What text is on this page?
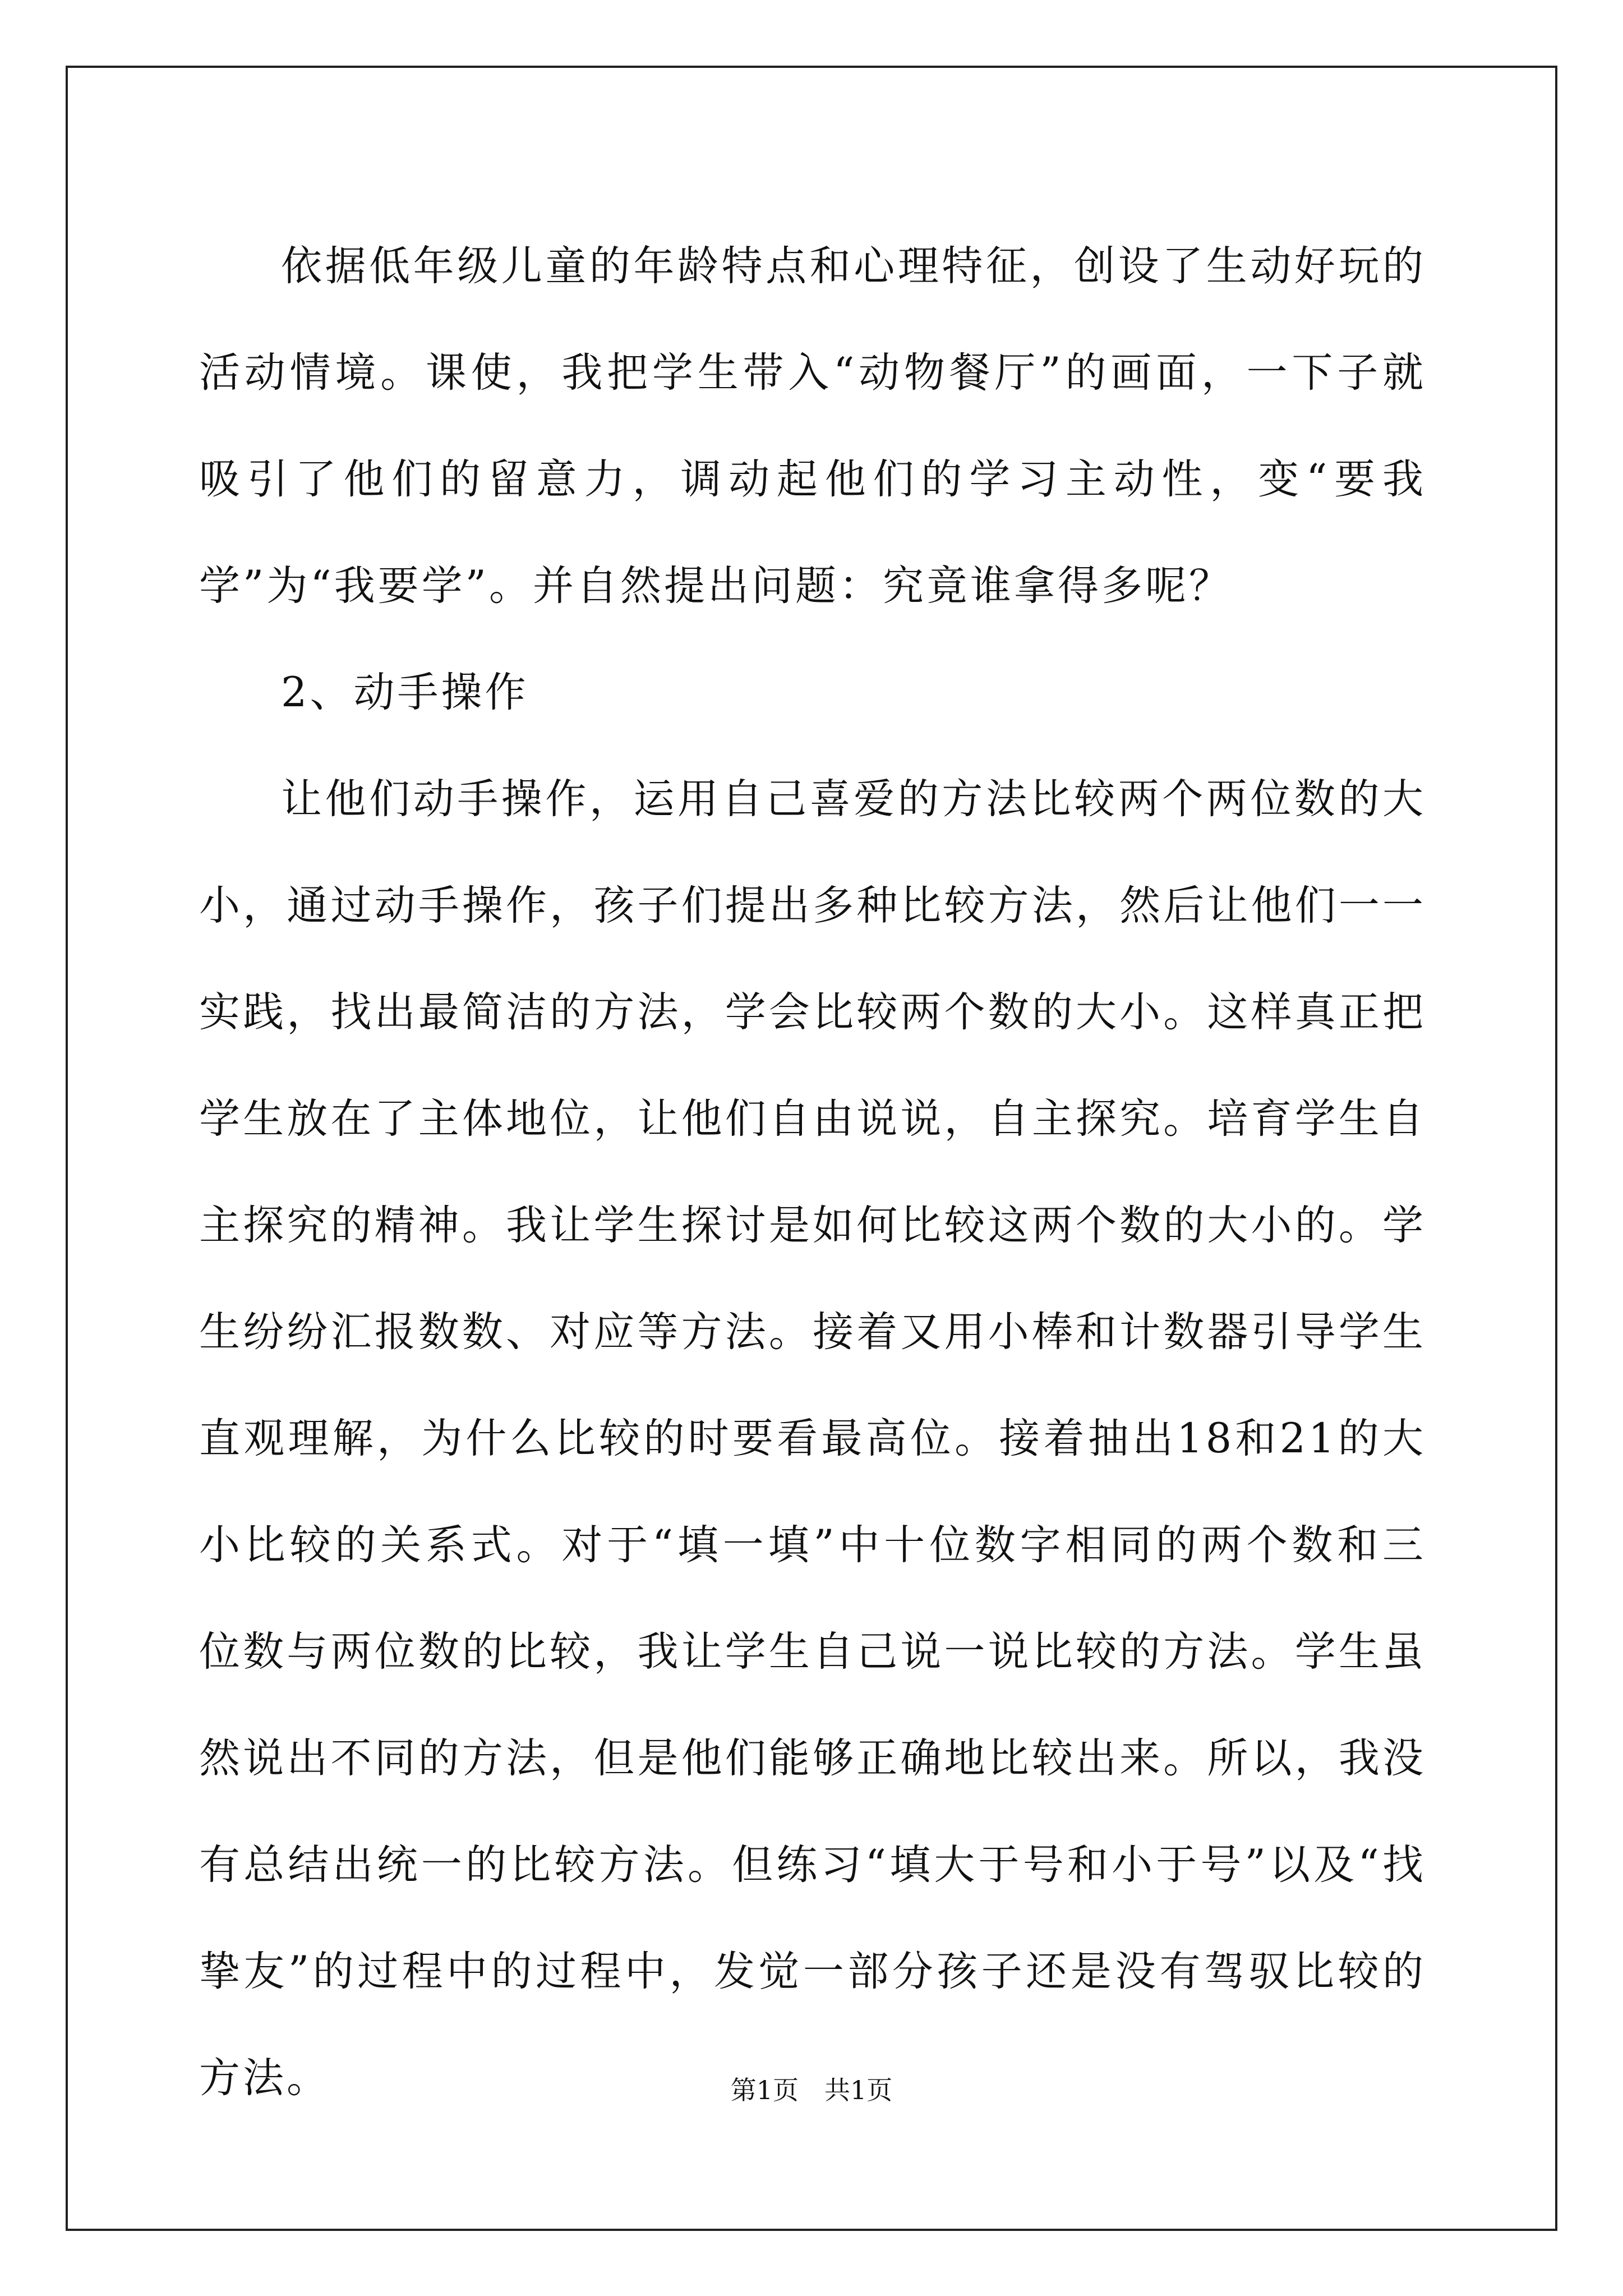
依据低年级儿童的年龄特点和心理特征，创设了生动好玩的活动情境。课使，我把学生带入“动物餐厅”的画面，一下子就吸引了他们的留意力，调动起他们的学习主动性，变“要我学”为“我要学”。并自然提出问题：究竟谁拿得多呢？

2、动手操作

让他们动手操作，运用自己喜爱的方法比较两个两位数的大小，通过动手操作，孩子们提出多种比较方法，然后让他们一一实践，找出最简洁的方法，学会比较两个数的大小。这样真正把学生放在了主体地位，让他们自由说说，自主探究。培育学生自主探究的精神。我让学生探讨是如何比较这两个数的大小的。学生纷纷汇报数数、对应等方法。接着又用小棒和计数器引导学生直观理解，为什么比较的时要看最高位。接着抽出18和21的大小比较的关系式。对于“填一填”中十位数字相同的两个数和三位数与两位数的比较，我让学生自己说一说比较的方法。学生虽然说出不同的方法，但是他们能够正确地比较出来。所以，我没有总结出统一的比较方法。但练习“填大于号和小于号”以及“找挚友”的过程中的过程中，发觉一部分孩子还是没有驾驭比较的方法。	第1页 共1页
